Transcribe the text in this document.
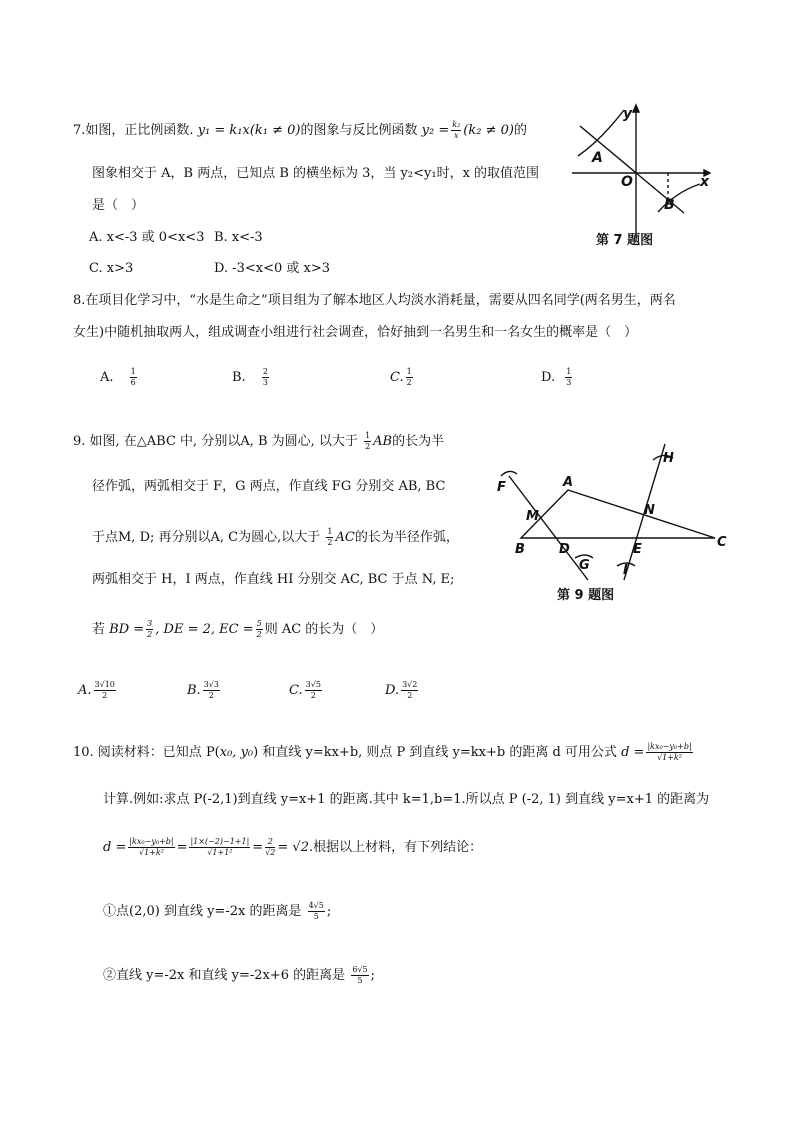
7.如图，正比例函数. y₁ = k₁x(k₁ ≠ 0)的图象与反比例函数 $y_2 = \frac{\text{k₂}}{x} (k_2 \ne 0)$的
图象相交于 A，B 两点，已知点 B 的横坐标为 3，当 y₂<y₁时，x 的取值范围
是（　）
A. x<-3 或 0<x<3 B. x<-3
C. x>3	D. -3<x<0 或 x>3
y
x
O
A
B
第 7 题图
8.在项目化学习中，“水是生命之”项目组为了解本地区人均淡水消耗量，需要从四名同学(两名男生，两名
女生)中随机抽取两人，组成调查小组进行社会调查，恰好抽到一名男生和一名女生的概率是（　）
A. $\frac{1}{6}$	B. $\frac{2}{3}$	C. $\frac{1}{2}$	D. $\frac{1}{3}$
9. 如图, 在△ABC 中, 分别以A, B 为圆心, 以大于 $\frac{1}{2}$ AB的长为半
径作弧，两弧相交于 F，G 两点，作直线 FG 分别交 AB, BC
于点M, D; 再分别以A, C为圆心,以大于 $\frac{1}{2}$ AC的长为半径作弧，
两弧相交于 H，I 两点，作直线 HI 分别交 AC, BC 于点 N, E;
若 BD = $\frac{3}{2}$ , DE = 2, EC = $\frac{5}{2}$ 则 AC 的长为（　）
A. $\frac{3√10}{2}$	B. $\frac{3√3}{2}$	C. $\frac{3√5}{2}$	D. $\frac{3√2}{2}$
F	A
H
M	N
B	D	E	C
G	I
第 9 题图
10. 阅读材料：已知点 P(x₀, y₀) 和直线 y=kx+b, 则点 P 到直线 y=kx+b 的距离 d 可用公式 $d = \frac{\text{|kx₀−y₀+b|}}{\text{√1+k²}}$
计算.例如:求点 P(-2,1)到直线 y=x+1 的距离.其中 k=1,b=1.所以点 P (-2, 1) 到直线 y=x+1 的距离为
$d = \frac{\text{|kx₀−y₀+b|}}{\text{√1+k²}} = \frac{|1\times(-2)-1+1|}{\text{√1+1²}} = \frac{2}{√2} = √2$.根据以上材料，有下列结论：
①点(2,0) 到直线 y=-2x 的距离是 $\frac{4√5}{5}$ ;
②直线 y=-2x 和直线 y=-2x+6 的距离是 $\frac{6√5}{5}$ ;
